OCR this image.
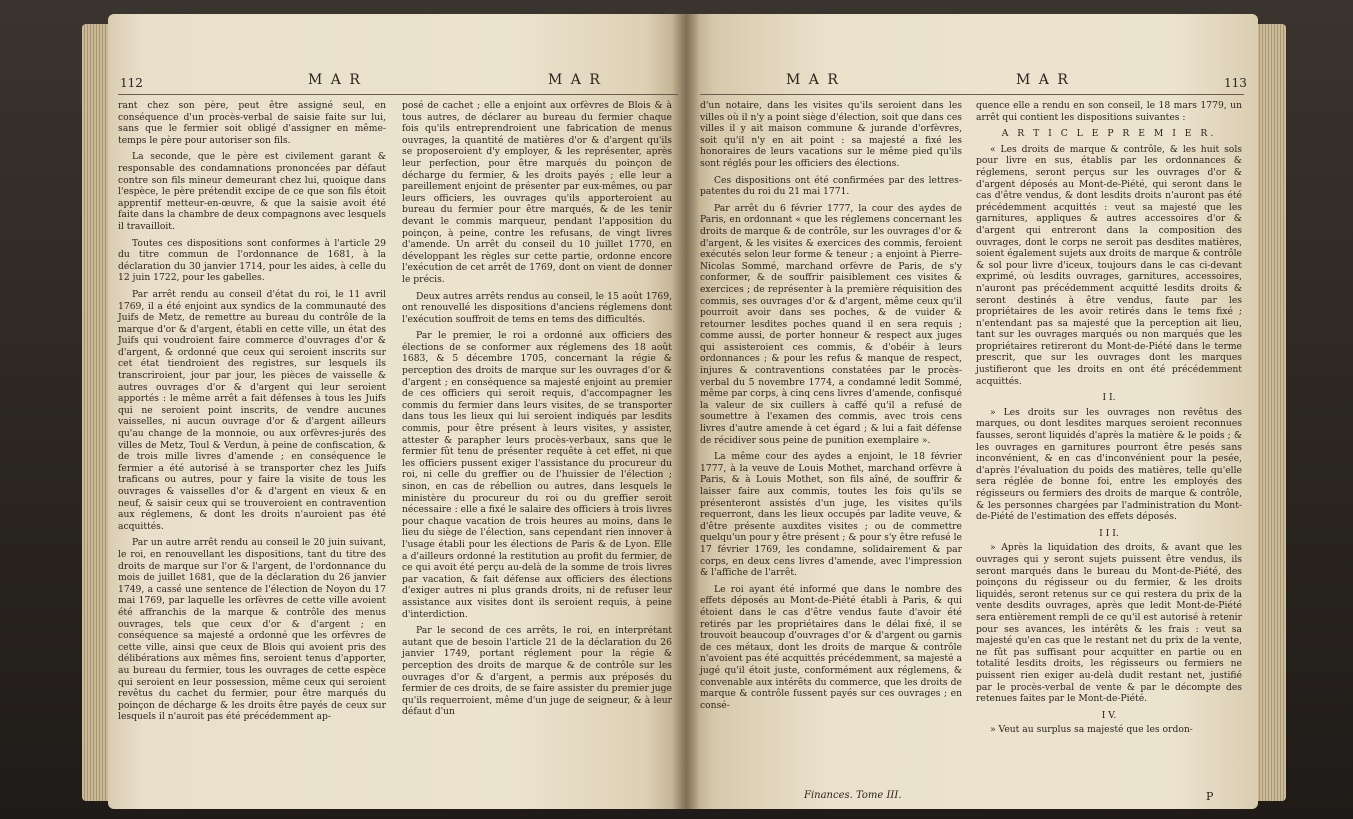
112	M A R	M A R

rant chez son père, peut être assigné seul, en conséquence d'un procès-verbal de saisie faite sur lui, sans que le fermier soit obligé d'assigner en même-temps le père pour autoriser son fils.

La seconde, que le père est civilement garant & responsable des condamnations prononcées par défaut contre son fils mineur demeurant chez lui, quoique dans l'espèce, le père prétendit excipe de ce que son fils étoit apprentif metteur-en-œuvre, & que la saisie avoit été faite dans la chambre de deux compagnons avec lesquels il travailloit.

Toutes ces dispositions sont conformes à l'article 29 du titre commun de l'ordonnance de 1681, à la déclaration du 30 janvier 1714, pour les aides, à celle du 12 juin 1722, pour les gabelles.

Par arrêt rendu au conseil d'état du roi, le 11 avril 1769, il a été enjoint aux syndics de la communauté des Juifs de Metz, de remettre au bureau du contrôle de la marque d'or & d'argent, établi en cette ville, un état des Juifs qui voudroient faire commerce d'ouvrages d'or & d'argent, & ordonné que ceux qui seroient inscrits sur cet état tiendroient des registres, sur lesquels ils transcriroient, jour par jour, les pièces de vaisselle & autres ouvrages d'or & d'argent qui leur seroient apportés : le même arrêt a fait défenses à tous les Juifs qui ne seroient point inscrits, de vendre aucunes vaisselles, ni aucun ouvrage d'or & d'argent ailleurs qu'au change de la monnoie, ou aux orfèvres-jurés des villes de Metz, Toul & Verdun, à peine de confiscation, & de trois mille livres d'amende ; en conséquence le fermier a été autorisé à se transporter chez les Juifs traficans ou autres, pour y faire la visite de tous les ouvrages & vaisselles d'or & d'argent en vieux & en neuf, & saisir ceux qui se trouveroient en contravention aux réglemens, & dont les droits n'auroient pas été acquittés.

Par un autre arrêt rendu au conseil le 20 juin suivant, le roi, en renouvellant les dispositions, tant du titre des droits de marque sur l'or & l'argent, de l'ordonnance du mois de juillet 1681, que de la déclaration du 26 janvier 1749, a cassé une sentence de l'élection de Noyon du 17 mai 1769, par laquelle les orfèvres de cette ville avoient été affranchis de la marque & contrôle des menus ouvrages, tels que ceux d'or & d'argent ; en conséquence sa majesté a ordonné que les orfèvres de cette ville, ainsi que ceux de Blois qui avoient pris des délibérations aux mêmes fins, seroient tenus d'apporter, au bureau du fermier, tous les ouvrages de cette espèce qui seroient en leur possession, même ceux qui seroient revêtus du cachet du fermier, pour être marqués du poinçon de décharge & les droits être payés de ceux sur lesquels il n'auroit pas été précédemment ap-

posé de cachet ; elle a enjoint aux orfèvres de Blois & à tous autres, de déclarer au bureau du fermier chaque fois qu'ils entreprendroient une fabrication de menus ouvrages, la quantité de matières d'or & d'argent qu'ils se proposeroient d'y employer, & les représenter, après leur perfection, pour être marqués du poinçon de décharge du fermier, & les droits payés ; elle leur a pareillement enjoint de présenter par eux-mêmes, ou par leurs officiers, les ouvrages qu'ils apporteroient au bureau du fermier pour être marqués, & de les tenir devant le commis marqueur, pendant l'apposition du poinçon, à peine, contre les refusans, de vingt livres d'amende. Un arrêt du conseil du 10 juillet 1770, en développant les règles sur cette partie, ordonne encore l'exécution de cet arrêt de 1769, dont on vient de donner le précis.

Deux autres arrêts rendus au conseil, le 15 août 1769, ont renouvellé les dispositions d'anciens réglemens dont l'exécution souffroit de tems en tems des difficultés.

Par le premier, le roi a ordonné aux officiers des élections de se conformer aux réglemens des 18 août 1683, & 5 décembre 1705, concernant la régie & perception des droits de marque sur les ouvrages d'or & d'argent ; en conséquence sa majesté enjoint au premier de ces officiers qui seroit requis, d'accompagner les commis du fermier dans leurs visites, de se transporter dans tous les lieux qui lui seroient indiqués par lesdits commis, pour être présent à leurs visites, y assister, attester & parapher leurs procès-verbaux, sans que le fermier fût tenu de présenter requête à cet effet, ni que les officiers pussent exiger l'assistance du procureur du roi, ni celle du greffier ou de l'huissier de l'élection ; sinon, en cas de rébellion ou autres, dans lesquels le ministère du procureur du roi ou du greffier seroit nécessaire : elle a fixé le salaire des officiers à trois livres pour chaque vacation de trois heures au moins, dans le lieu du siège de l'élection, sans cependant rien innover à l'usage établi pour les élections de Paris & de Lyon. Elle a d'ailleurs ordonné la restitution au profit du fermier, de ce qui avoit été perçu au-delà de la somme de trois livres par vacation, & fait défense aux officiers des élections d'exiger autres ni plus grands droits, ni de refuser leur assistance aux visites dont ils seroient requis, à peine d'interdiction.

Par le second de ces arrêts, le roi, en interprétant autant que de besoin l'article 21 de la déclaration du 26 janvier 1749, portant réglement pour la régie & perception des droits de marque & de contrôle sur les ouvrages d'or & d'argent, a permis aux préposés du fermier de ces droits, de se faire assister du premier juge qu'ils requerroient, même d'un juge de seigneur, & à leur défaut d'un

M A R	M A R	113

d'un notaire, dans les visites qu'ils seroient dans les villes où il n'y a point siège d'élection, soit que dans ces villes il y ait maison commune & jurande d'orfèvres, soit qu'il n'y en ait point : sa majesté a fixé les honoraires de leurs vacations sur le même pied qu'ils sont réglés pour les officiers des élections.

Ces dispositions ont été confirmées par des lettres-patentes du roi du 21 mai 1771.

Par arrêt du 6 février 1777, la cour des aydes de Paris, en ordonnant « que les réglemens concernant les droits de marque & de contrôle, sur les ouvrages d'or & d'argent, & les visites & exercices des commis, feroient exécutés selon leur forme & teneur ; a enjoint à Pierre-Nicolas Sommé, marchand orfèvre de Paris, de s'y conformer, & de souffrir paisiblement ces visites & exercices ; de représenter à la première réquisition des commis, ses ouvrages d'or & d'argent, même ceux qu'il pourroit avoir dans ses poches, & de vuider & retourner lesdites poches quand il en sera requis ; comme aussi, de porter honneur & respect aux juges qui assisteroient ces commis, & d'obéir à leurs ordonnances ; & pour les refus & manque de respect, injures & contraventions constatées par le procès-verbal du 5 novembre 1774, a condamné ledit Sommé, même par corps, à cinq cens livres d'amende, confisqué la valeur de six cuillers à caffé qu'il a refusé de soumettre à l'examen des commis, avec trois cens livres d'autre amende à cet égard ; & lui a fait défense de récidiver sous peine de punition exemplaire ».

La même cour des aydes a enjoint, le 18 février 1777, à la veuve de Louis Mothet, marchand orfèvre à Paris, & à Louis Mothet, son fils aîné, de souffrir & laisser faire aux commis, toutes les fois qu'ils se présenteront assistés d'un juge, les visites qu'ils requerront, dans les lieux occupés par ladite veuve, & d'être présente auxdites visites ; ou de commettre quelqu'un pour y être présent ; & pour s'y être refusé le 17 février 1769, les condamne, solidairement & par corps, en deux cens livres d'amende, avec l'impression & l'affiche de l'arrêt.

Le roi ayant été informé que dans le nombre des effets déposés au Mont-de-Piété établi à Paris, & qui étoient dans le cas d'être vendus faute d'avoir été retirés par les propriétaires dans le délai fixé, il se trouvoit beaucoup d'ouvrages d'or & d'argent ou garnis de ces métaux, dont les droits de marque & contrôle n'avoient pas été acquittés précédemment, sa majesté a jugé qu'il étoit juste, conformément aux réglemens, & convenable aux intérêts du commerce, que les droits de marque & contrôle fussent payés sur ces ouvrages ; en consé-

quence elle a rendu en son conseil, le 18 mars 1779, un arrêt qui contient les dispositions suivantes :

A R T I C L E P R E M I E R.

« Les droits de marque & contrôle, & les huit sols pour livre en sus, établis par les ordonnances & réglemens, seront perçus sur les ouvrages d'or & d'argent déposés au Mont-de-Piété, qui seront dans le cas d'être vendus, & dont lesdits droits n'auront pas été précédemment acquittés : veut sa majesté que les garnitures, appliques & autres accessoires d'or & d'argent qui entreront dans la composition des ouvrages, dont le corps ne seroit pas desdites matières, soient également sujets aux droits de marque & contrôle & sol pour livre d'iceux, toujours dans le cas ci-devant exprimé, où lesdits ouvrages, garnitures, accessoires, n'auront pas précédemment acquitté lesdits droits & seront destinés à être vendus, faute par les propriétaires de les avoir retirés dans le tems fixé ; n'entendant pas sa majesté que la perception ait lieu, tant sur les ouvrages marqués ou non marqués que les propriétaires retireront du Mont-de-Piété dans le terme prescrit, que sur les ouvrages dont les marques justifieront que les droits en ont été précédemment acquittés.

I I.

» Les droits sur les ouvrages non revêtus des marques, ou dont lesdites marques seroient reconnues fausses, seront liquidés d'après la matière & le poids ; & les ouvrages en garnitures pourront être pesés sans inconvénient, & en cas d'inconvénient pour la pesée, d'après l'évaluation du poids des matières, telle qu'elle sera réglée de bonne foi, entre les employés des régisseurs ou fermiers des droits de marque & contrôle, & les personnes chargées par l'administration du Mont-de-Piété de l'estimation des effets déposés.

I I I.

» Après la liquidation des droits, & avant que les ouvrages qui y seront sujets puissent être vendus, ils seront marqués dans le bureau du Mont-de-Piété, des poinçons du régisseur ou du fermier, & les droits liquidés, seront retenus sur ce qui restera du prix de la vente desdits ouvrages, après que ledit Mont-de-Piété sera entièrement rempli de ce qu'il est autorisé à retenir pour ses avances, les intérêts & les frais : veut sa majesté qu'en cas que le restant net du prix de la vente, ne fût pas suffisant pour acquitter en partie ou en totalité lesdits droits, les régisseurs ou fermiers ne puissent rien exiger au-delà dudit restant net, justifié par le procès-verbal de vente & par le décompte des retenues faites par le Mont-de-Piété.

I V.

» Veut au surplus sa majesté que les ordon-

Finances. Tome III.	P
